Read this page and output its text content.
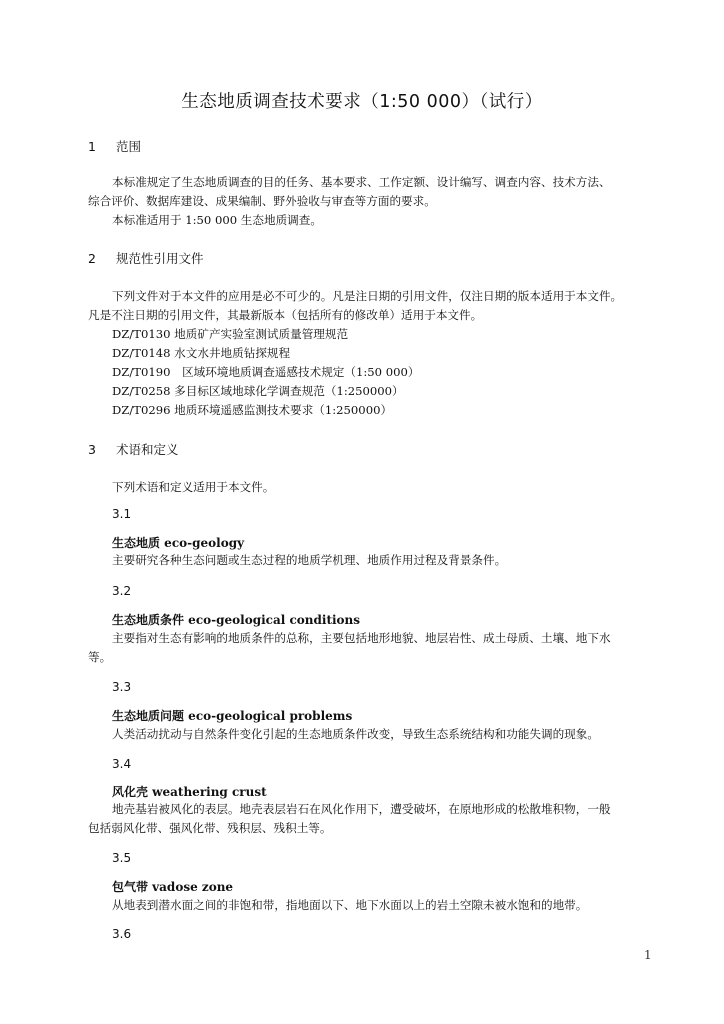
生态地质调查技术要求（1:50 000）（试行）
1 范围
本标准规定了生态地质调查的目的任务、基本要求、工作定额、设计编写、调查内容、技术方法、
综合评价、数据库建设、成果编制、野外验收与审查等方面的要求。
本标准适用于 1:50 000 生态地质调查。
2 规范性引用文件
下列文件对于本文件的应用是必不可少的。凡是注日期的引用文件，仅注日期的版本适用于本文件。
凡是不注日期的引用文件，其最新版本（包括所有的修改单）适用于本文件。
DZ/T0130 地质矿产实验室测试质量管理规范
DZ/T0148 水文水井地质钻探规程
DZ/T0190　区域环境地质调查遥感技术规定（1:50 000）
DZ/T0258 多目标区域地球化学调查规范（1:250000）
DZ/T0296 地质环境遥感监测技术要求（1:250000）
3 术语和定义
下列术语和定义适用于本文件。
3.1
生态地质 eco-geology
主要研究各种生态问题或生态过程的地质学机理、地质作用过程及背景条件。
3.2
生态地质条件 eco-geological conditions
主要指对生态有影响的地质条件的总称，主要包括地形地貌、地层岩性、成土母质、土壤、地下水
等。
3.3
生态地质问题 eco-geological problems
人类活动扰动与自然条件变化引起的生态地质条件改变，导致生态系统结构和功能失调的现象。
3.4
风化壳 weathering crust
地壳基岩被风化的表层。地壳表层岩石在风化作用下，遭受破坏，在原地形成的松散堆积物，一般
包括弱风化带、强风化带、残积层、残积土等。
3.5
包气带 vadose zone
从地表到潜水面之间的非饱和带，指地面以下、地下水面以上的岩土空隙未被水饱和的地带。
3.6
1
